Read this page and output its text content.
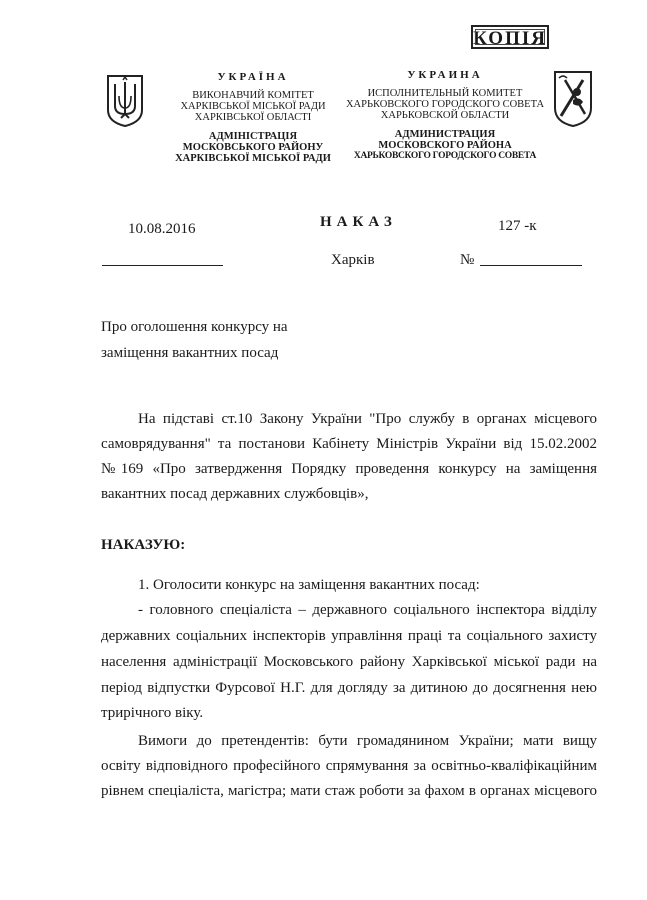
КОПІЯ
УКРАЇНА
ВИКОНАВЧИЙ КОМІТЕТ
ХАРКІВСЬКОЇ МІСЬКОЇ РАДИ
ХАРКІВСЬКОЇ ОБЛАСТІ
АДМІНІСТРАЦІЯ
МОСКОВСЬКОГО РАЙОНУ
ХАРКІВСЬКОЇ МІСЬКОЇ РАДИ
УКРАИНА
ИСПОЛНИТЕЛЬНЫЙ КОМИТЕТ
ХАРЬКОВСКОГО ГОРОДСКОГО СОВЕТА
ХАРЬКОВСКОЙ ОБЛАСТИ
АДМИНИСТРАЦИЯ
МОСКОВСКОГО РАЙОНА
ХАРЬКОВСКОГО ГОРОДСКОГО СОВЕТА
10.08.2016	НАКАЗ	127 -к
Харків	№
Про оголошення конкурсу на
заміщення вакантних посад
На підставі ст.10 Закону України "Про службу в органах місцевого
самоврядування" та постанови Кабінету Міністрів України від 15.02.2002
№169 «Про затвердження Порядку проведення конкурсу на заміщення
вакантних посад державних службовців»,
НАКАЗУЮ:
1. Оголосити конкурс на заміщення вакантних посад:
- головного спеціаліста – державного соціального інспектора відділу
державних соціальних інспекторів управління праці та соціального захисту
населення адміністрації Московського району Харківської міської ради на
період відпустки Фурсової Н.Г. для догляду за дитиною до досягнення нею
трирічного віку.
Вимоги до претендентів: бути громадянином України; мати вищу
освіту відповідного професійного спрямування за освітньо-кваліфікаційним
рівнем спеціаліста, магістра; мати стаж роботи за фахом в органах місцевого
